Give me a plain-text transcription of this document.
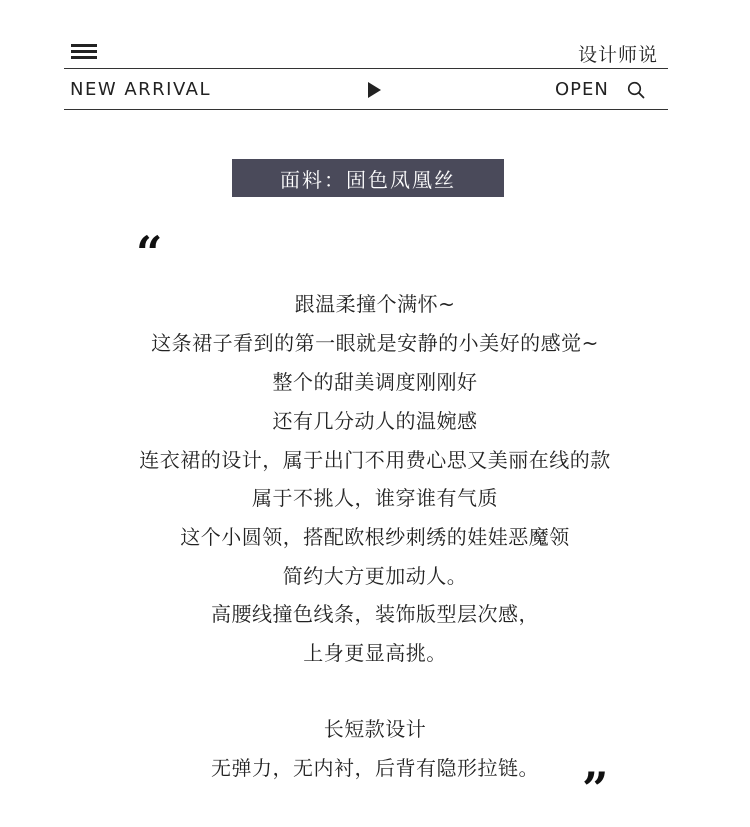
设计师说
NEW ARRIVAL	OPEN
面料：固色凤凰丝
“
跟温柔撞个满怀~
这条裙子看到的第一眼就是安静的小美好的感觉~
整个的甜美调度刚刚好
还有几分动人的温婉感
连衣裙的设计，属于出门不用费心思又美丽在线的款
属于不挑人，谁穿谁有气质
这个小圆领，搭配欧根纱刺绣的娃娃恶魔领
简约大方更加动人。
高腰线撞色线条，装饰版型层次感，
上身更显高挑。
长短款设计
无弹力，无内衬，后背有隐形拉链。 ”
